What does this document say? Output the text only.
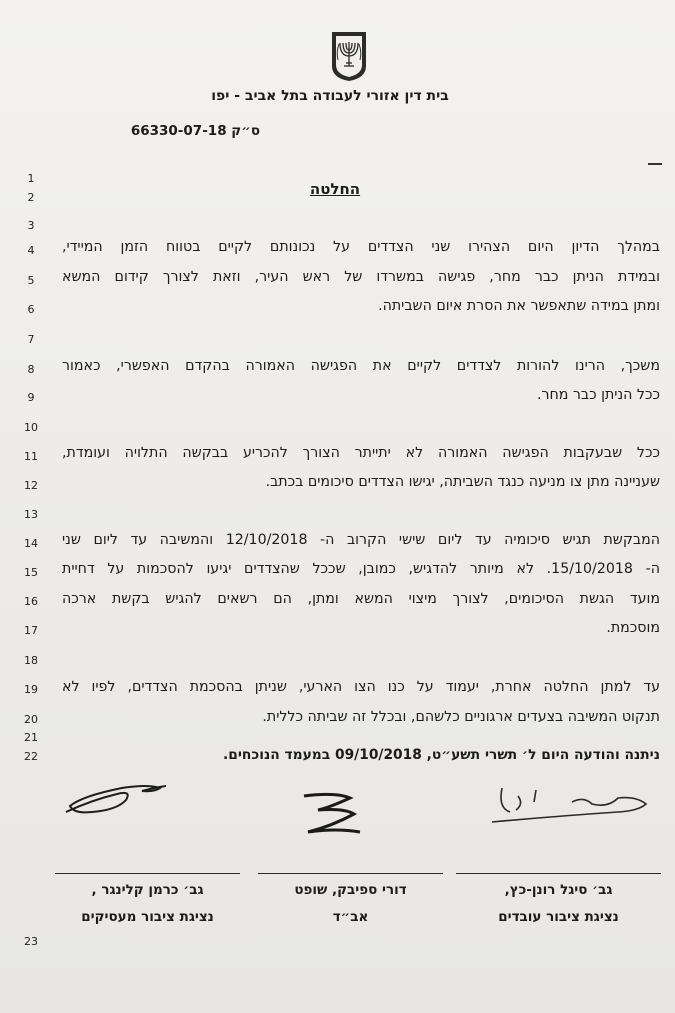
בית דין אזורי לעבודה בתל אביב - יפו
ס״ק 66330-07-18
1
2
3
4
5
6
7
8
9
10
11
12
13
14
15
16
17
18
19
20
21
22
23
החלטה
במהלך הדיון היום הצהירו שני הצדדים על נכונותם לקיים בטווח הזמן המיידי,
ובמידת הניתן כבר מחר, פגישה במשרדו של ראש העיר, וזאת לצורך קידום המשא
ומתן במידה שתאפשר את הסרת איום השביתה.
משכך, הרינו להורות לצדדים לקיים את הפגישה האמורה בהקדם האפשרי, כאמור
ככל הניתן כבר מחר.
ככל שבעקבות הפגישה האמורה לא יתייתר הצורך להכריע בבקשה התלויה ועומדת,
שעניינה מתן צו מניעה כנגד השביתה, יגישו הצדדים סיכומים בכתב.
המבקשת תגיש סיכומיה עד ליום שישי הקרוב ה- 12/10/2018 והמשיבה עד ליום שני
ה- 15/10/2018. לא מיותר להדגיש, כמובן, שככל שהצדדים יגיעו להסכמות על דחיית
מועד הגשת הסיכומים, לצורך מיצוי המשא ומתן, הם רשאים להגיש בקשת ארכה
מוסכמת.
עד למתן החלטה אחרת, יעמוד על כנו הצו הארעי, שניתן בהסכמת הצדדים, לפיו לא
תנקוט המשיבה בצעדים ארגוניים כלשהם, ובכלל זה שביתה כללית.
ניתנה והודעה היום ל׳ תשרי תשע״ט, 09/10/2018 במעמד הנוכחים.
גב׳ כרמן קלינגר ,	דורי ספיבק, שופט	גב׳ סיגל רונן-כץ,
נציגת ציבור מעסיקים	אב״ד	נציגת ציבור עובדים
